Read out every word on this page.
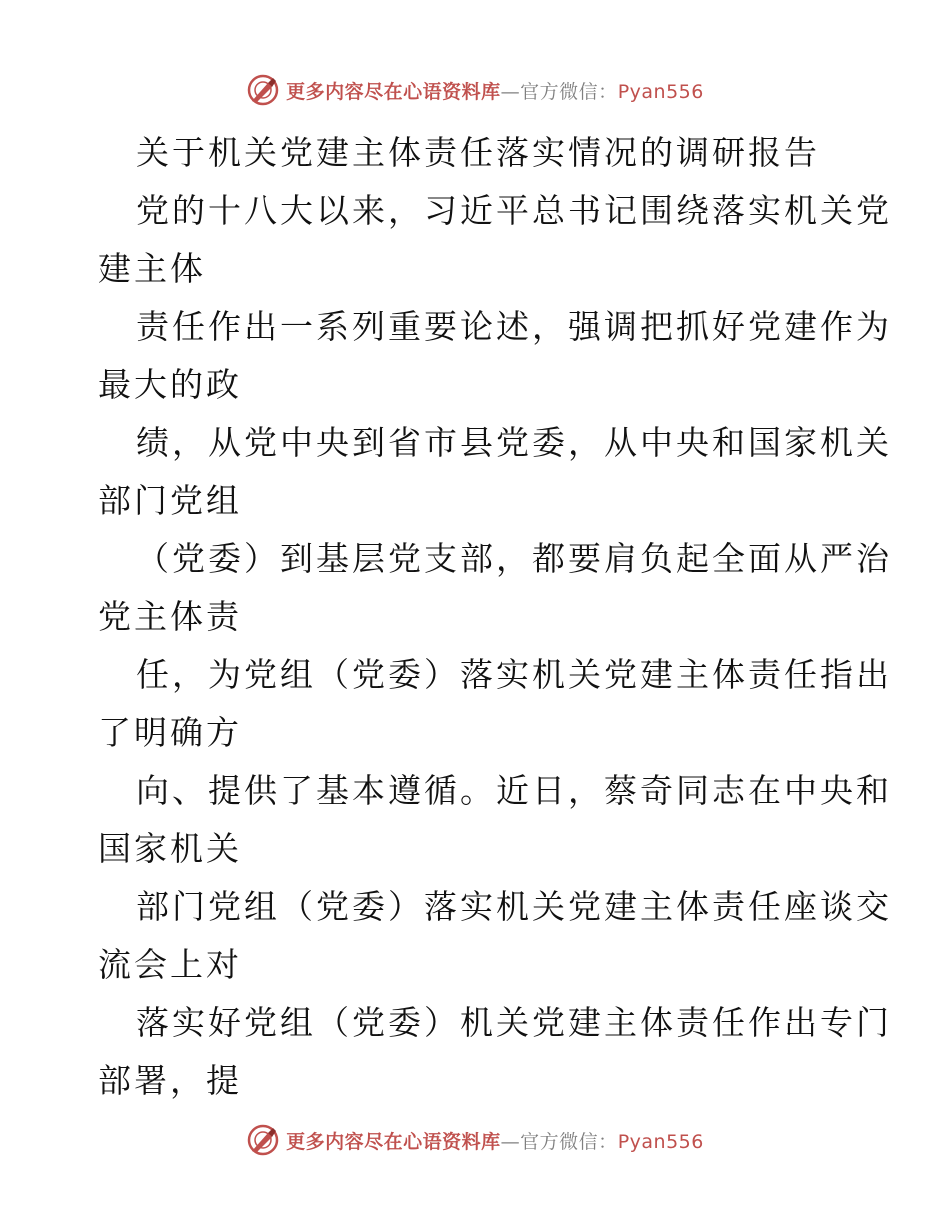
更多内容尽在心语资料库—官方微信：Pyan556
关于机关党建主体责任落实情况的调研报告
党的十八大以来，习近平总书记围绕落实机关党
建主体
责任作出一系列重要论述，强调把抓好党建作为
最大的政
绩，从党中央到省市县党委，从中央和国家机关
部门党组
（党委）到基层党支部，都要肩负起全面从严治
党主体责
任，为党组（党委）落实机关党建主体责任指出
了明确方
向、提供了基本遵循。近日，蔡奇同志在中央和
国家机关
部门党组（党委）落实机关党建主体责任座谈交
流会上对
落实好党组（党委）机关党建主体责任作出专门
部署，提
更多内容尽在心语资料库—官方微信：Pyan556
